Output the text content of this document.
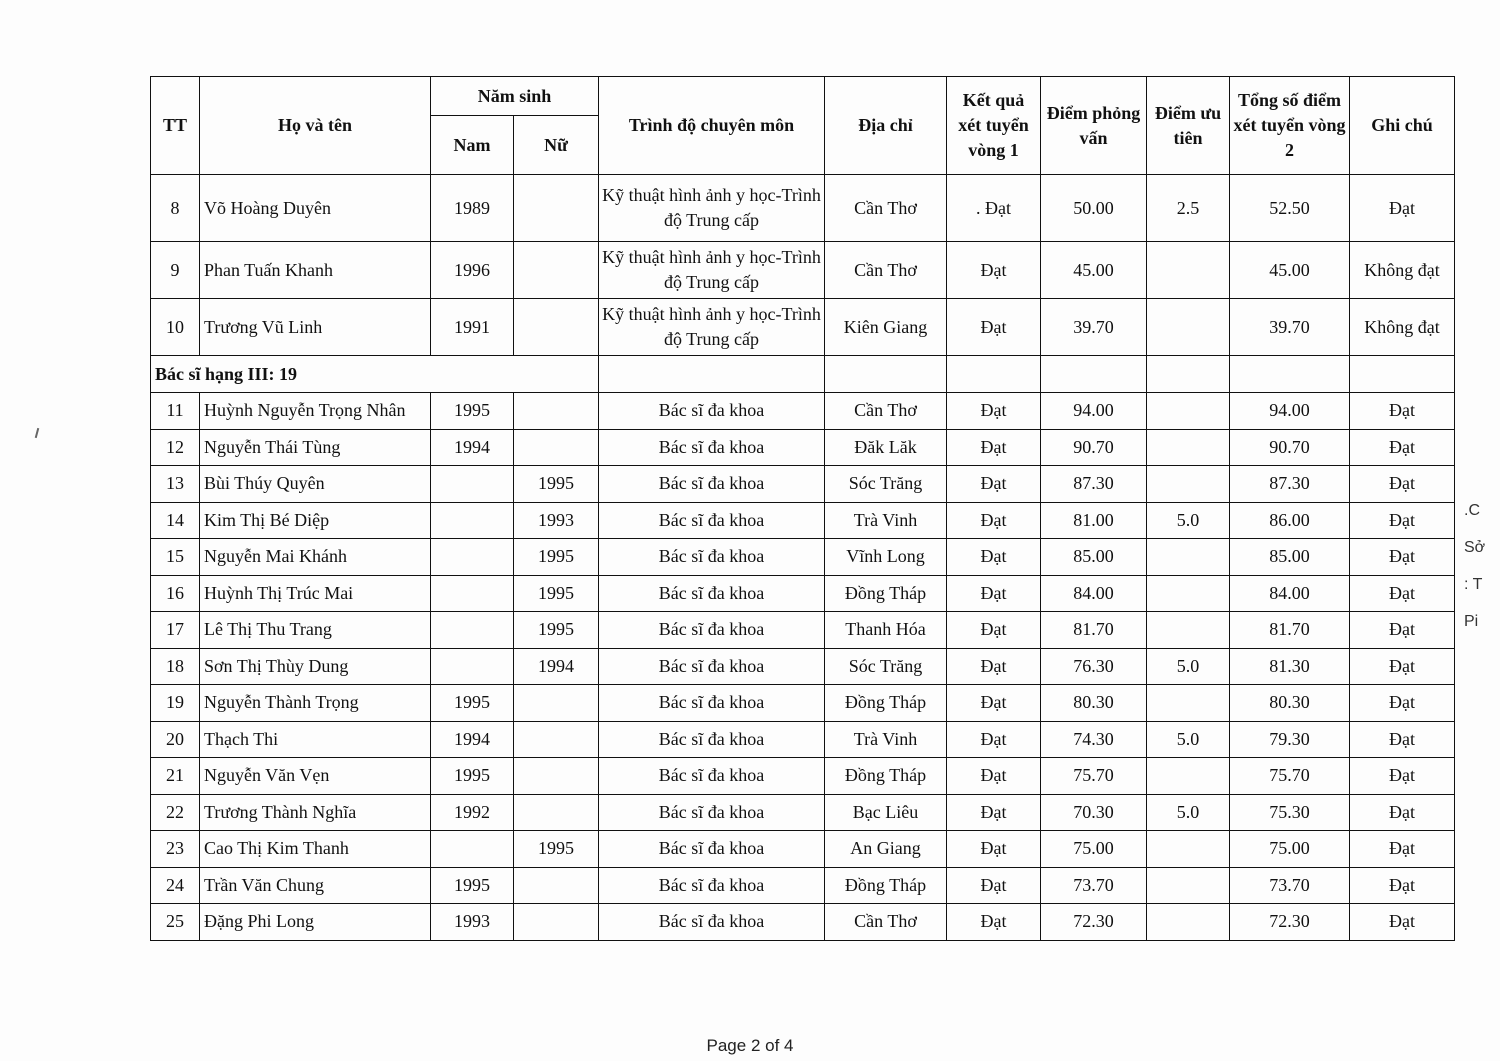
TT	Họ và tên	Năm sinh		Trình độ chuyên môn	Địa chỉ	Kết quả xét tuyển vòng 1	Điểm phỏng vấn	Điểm ưu tiên	Tổng số điểm xét tuyển vòng 2	Ghi chú
		Nam	Nữ							
8	Võ Hoàng Duyên	1989		Kỹ thuật hình ảnh y học-Trình độ Trung cấp	Cần Thơ	. Đạt	50.00	2.5	52.50	Đạt
9	Phan Tuấn Khanh	1996		Kỹ thuật hình ảnh y học-Trình độ Trung cấp	Cần Thơ	Đạt	45.00		45.00	Không đạt
10	Trương Vũ Linh	1991		Kỹ thuật hình ảnh y học-Trình độ Trung cấp	Kiên Giang	Đạt	39.70		39.70	Không đạt
Bác sĩ hạng III: 19										
11	Huỳnh Nguyễn Trọng Nhân	1995		Bác sĩ đa khoa	Cần Thơ	Đạt	94.00		94.00	Đạt
12	Nguyễn Thái Tùng	1994		Bác sĩ đa khoa	Đăk Lăk	Đạt	90.70		90.70	Đạt
13	Bùi Thúy Quyên		1995	Bác sĩ đa khoa	Sóc Trăng	Đạt	87.30		87.30	Đạt
14	Kim Thị Bé Diệp		1993	Bác sĩ đa khoa	Trà Vinh	Đạt	81.00	5.0	86.00	Đạt
15	Nguyễn Mai Khánh		1995	Bác sĩ đa khoa	Vĩnh Long	Đạt	85.00		85.00	Đạt
16	Huỳnh Thị Trúc Mai		1995	Bác sĩ đa khoa	Đồng Tháp	Đạt	84.00		84.00	Đạt
17	Lê Thị Thu Trang		1995	Bác sĩ đa khoa	Thanh Hóa	Đạt	81.70		81.70	Đạt
18	Sơn Thị Thùy Dung		1994	Bác sĩ đa khoa	Sóc Trăng	Đạt	76.30	5.0	81.30	Đạt
19	Nguyễn Thành Trọng	1995		Bác sĩ đa khoa	Đồng Tháp	Đạt	80.30		80.30	Đạt
20	Thạch Thi	1994		Bác sĩ đa khoa	Trà Vinh	Đạt	74.30	5.0	79.30	Đạt
21	Nguyễn Văn Vẹn	1995		Bác sĩ đa khoa	Đồng Tháp	Đạt	75.70		75.70	Đạt
22	Trương Thành Nghĩa	1992		Bác sĩ đa khoa	Bạc Liêu	Đạt	70.30	5.0	75.30	Đạt
23	Cao Thị Kim Thanh		1995	Bác sĩ đa khoa	An Giang	Đạt	75.00		75.00	Đạt
24	Trần Văn Chung	1995		Bác sĩ đa khoa	Đồng Tháp	Đạt	73.70		73.70	Đạt
25	Đặng Phi Long	1993		Bác sĩ đa khoa	Cần Thơ	Đạt	72.30		72.30	Đạt
.C
Sở
: T
Pi
Page 2 of 4
